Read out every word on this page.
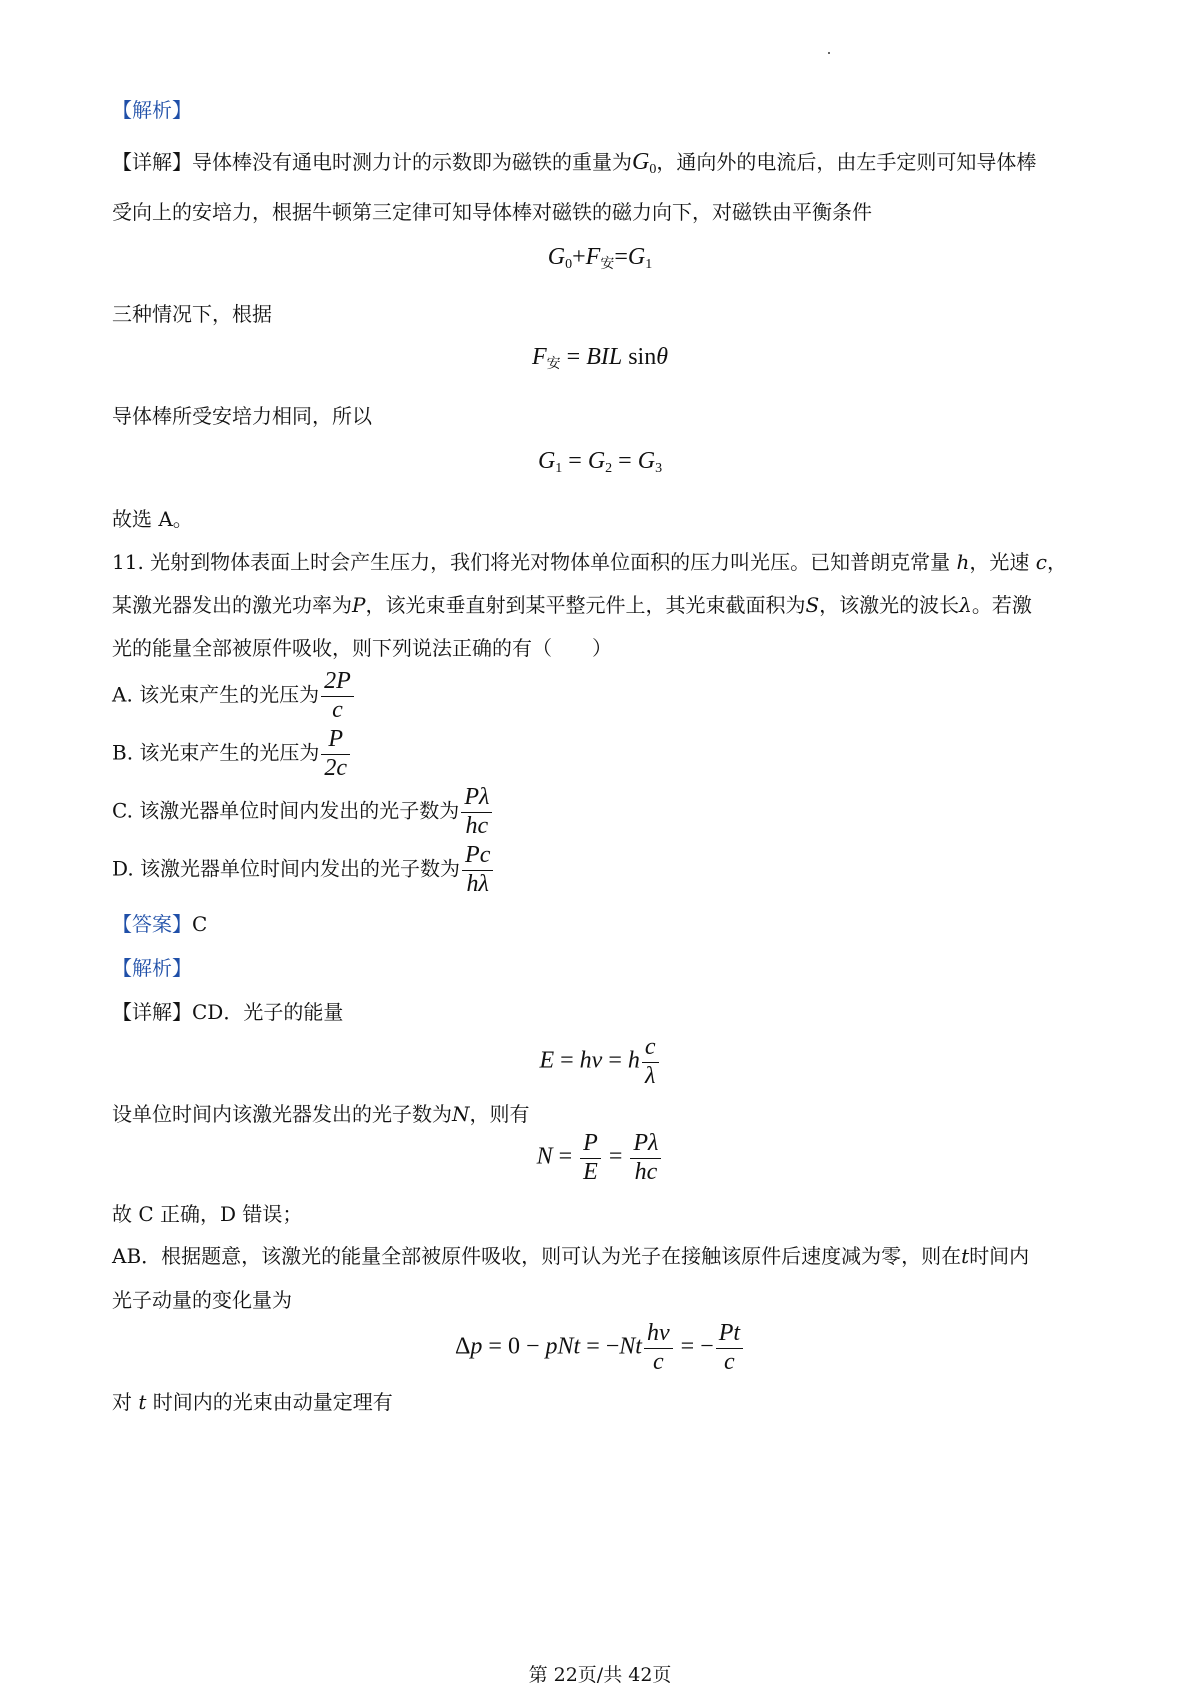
【解析】
【详解】导体棒没有通电时测力计的示数即为磁铁的重量为$G_0$，通向外的电流后，由左手定则可知导体棒
受向上的安培力，根据牛顿第三定律可知导体棒对磁铁的磁力向下，对磁铁由平衡条件
$G_0+F_安=G_1$
三种情况下，根据
$F_安$ = BIL sinθ
导体棒所受安培力相同，所以
$G_1 = G_2 = G_3$
故选 A。
11. 光射到物体表面上时会产生压力，我们将光对物体单位面积的压力叫光压。已知普朗克常量 h，光速 c，
某激光器发出的激光功率为P，该光束垂直射到某平整元件上，其光束截面积为S，该激光的波长λ。若激
光的能量全部被原件吸收，则下列说法正确的有（　　）
A. 该光束产生的光压为 $\frac{2P}{c}$
B. 该光束产生的光压为 $\frac{P}{2c}$
C. 该激光器单位时间内发出的光子数为 $\frac{P\lambda}{hc}$
D. 该激光器单位时间内发出的光子数为 $\frac{Pc}{h\lambda}$
【答案】C
【解析】
【详解】CD．光子的能量
E = hν = h $\frac{c}{\lambda}$
设单位时间内该激光器发出的光子数为N，则有
$N = \frac{P}{E} = \frac{P\lambda}{hc}$
故 C 正确，D 错误；
AB．根据题意，该激光的能量全部被原件吸收，则可认为光子在接触该原件后速度减为零，则在t时间内
光子动量的变化量为
Δp = 0 − pNt = $-Nt \frac{h\nu}{c}$ = − $\frac{Pt}{c}$
对 t 时间内的光束由动量定理有
第 22页/共 42页
